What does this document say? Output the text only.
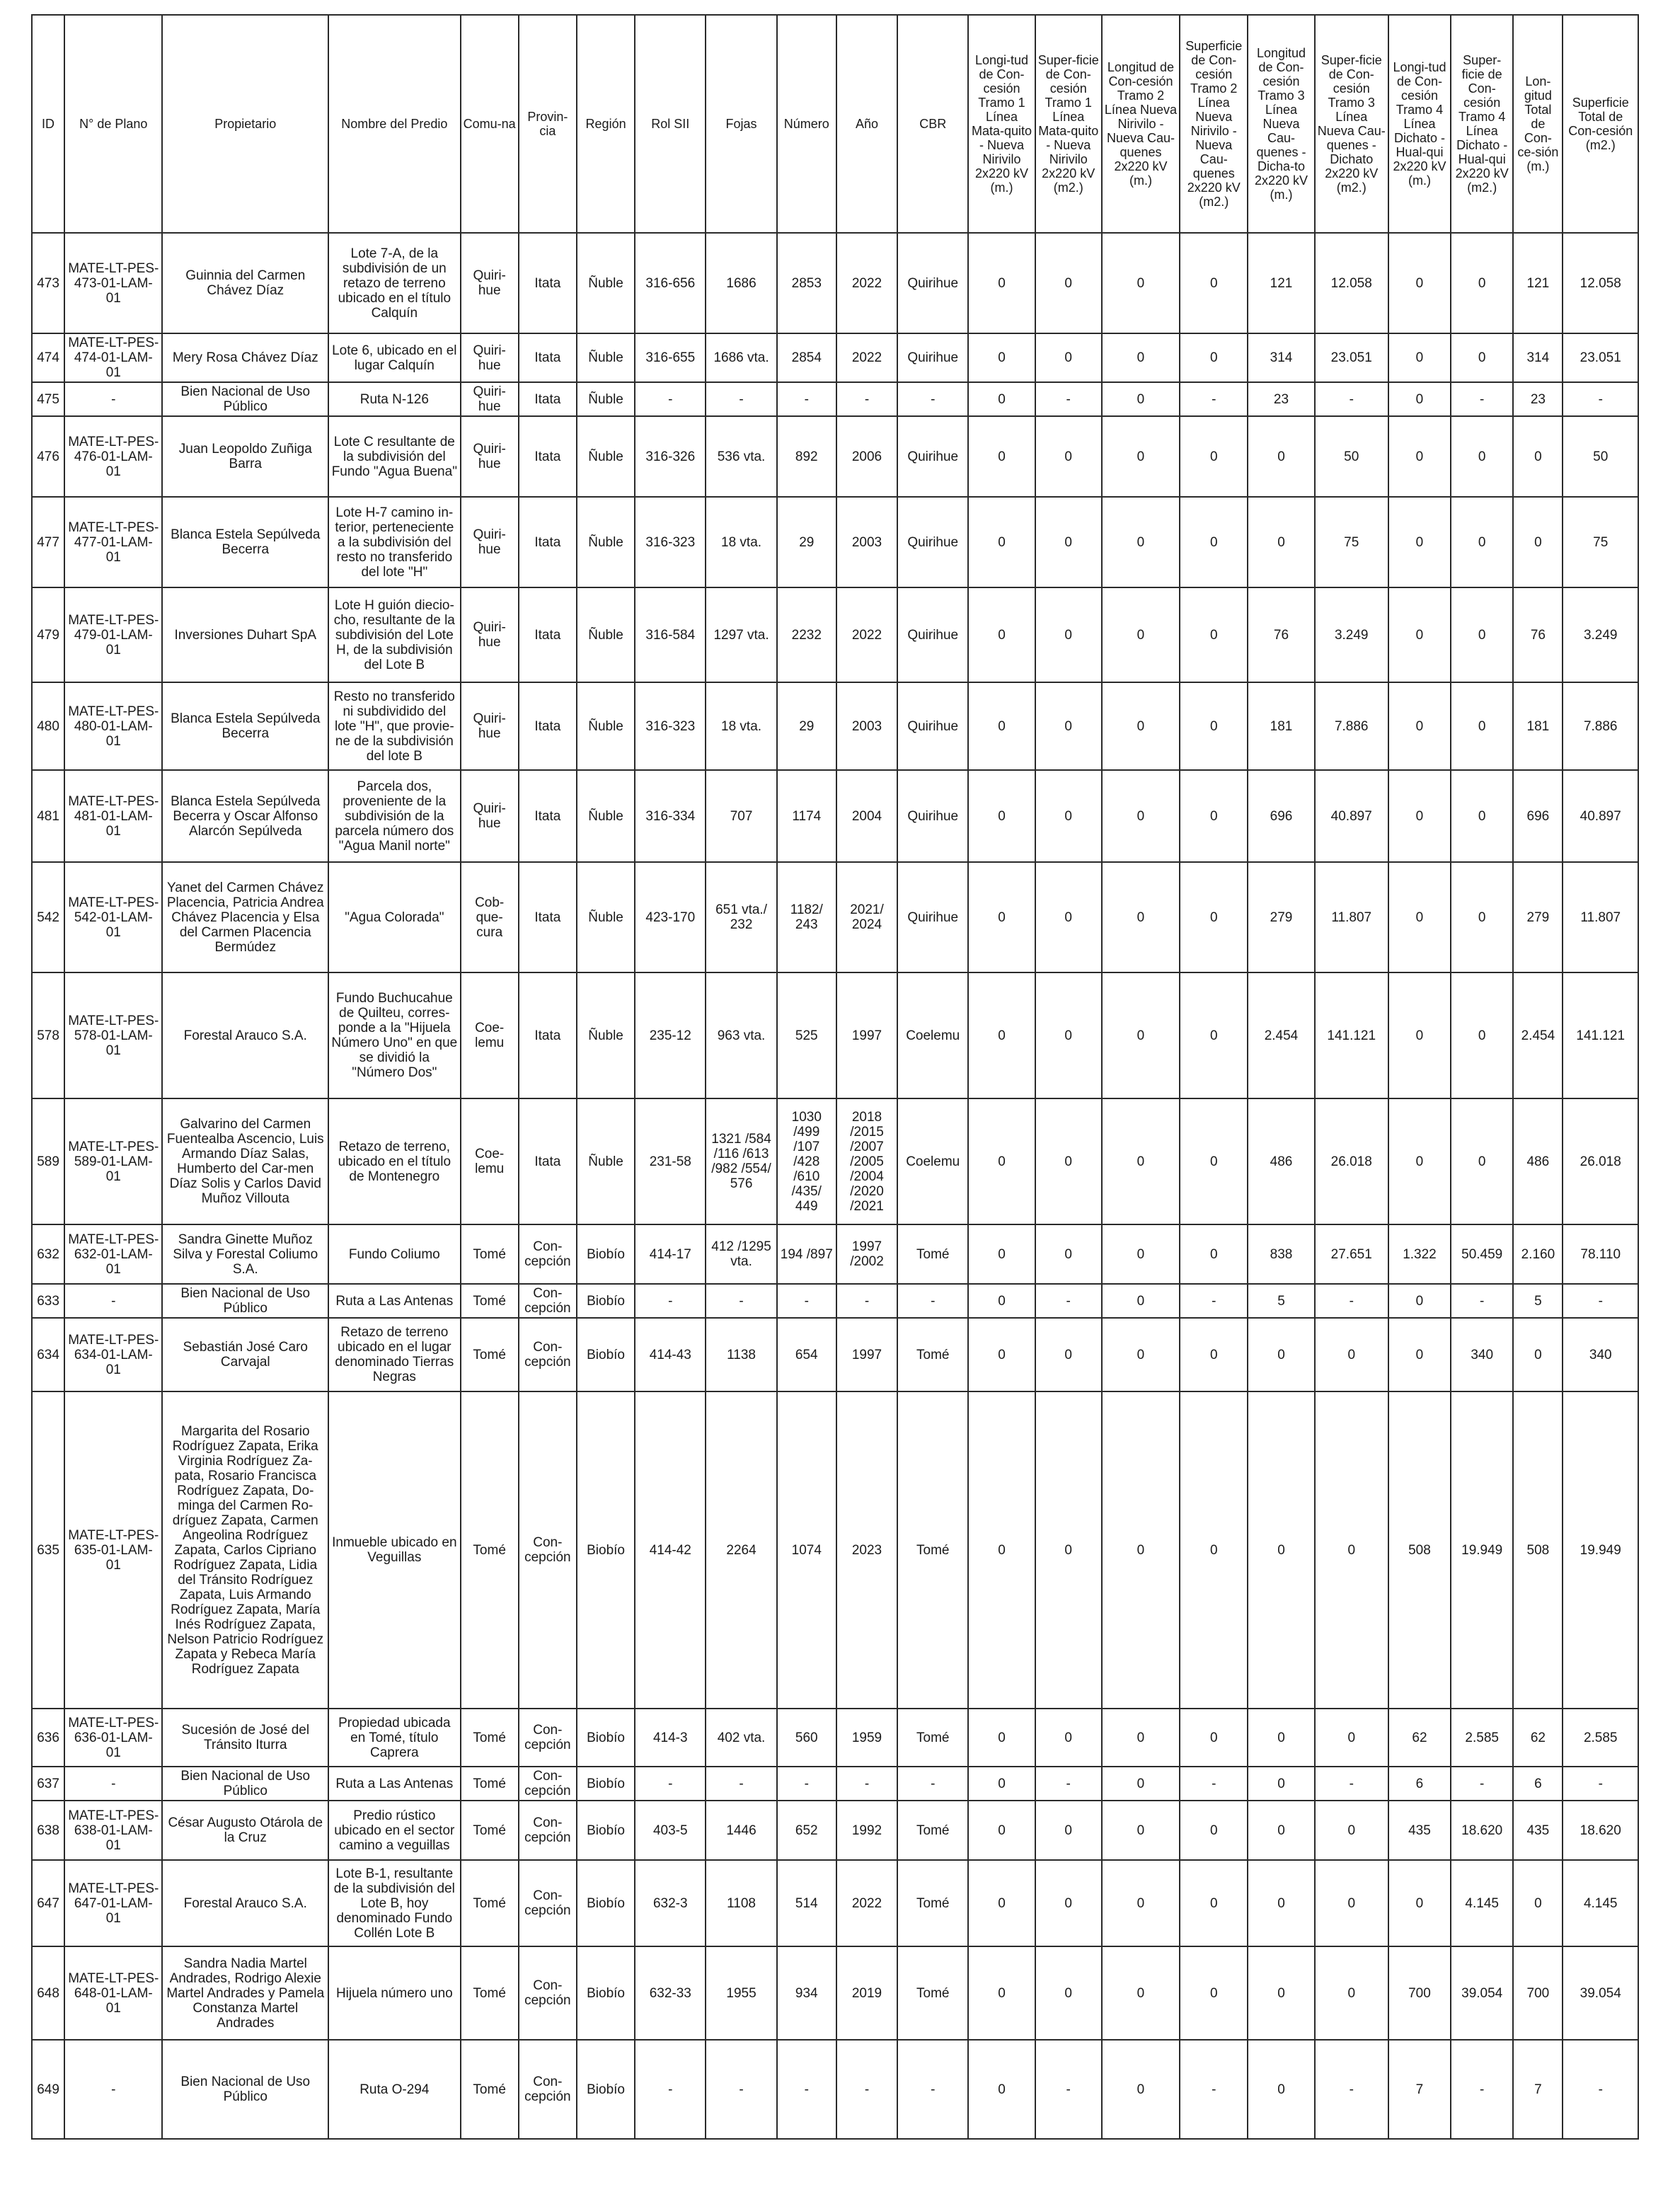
ID	N° de Plano	Propietario	Nombre del Predio	Comu-na	Provin-cia	Región	Rol SII	Fojas	Número	Año	CBR	Longi-tud de Con-cesión Tramo 1 Línea Mata-quito - Nueva Nirivilo 2x220 kV (m.)	Super-ficie de Con-cesión Tramo 1 Línea Mata-quito - Nueva Nirivilo 2x220 kV (m2.)	Longitud de Con-cesión Tramo 2 Línea Nueva Nirivilo - Nueva Cau-quenes 2x220 kV (m.)	Superficie de Con-cesión Tramo 2 Línea Nueva Nirivilo - Nueva Cau-quenes 2x220 kV (m2.)	Longitud de Con-cesión Tramo 3 Línea Nueva Cau-quenes - Dicha-to 2x220 kV (m.)	Super-ficie de Con-cesión Tramo 3 Línea Nueva Cau-quenes - Dichato 2x220 kV (m2.)	Longi-tud de Con-cesión Tramo 4 Línea Dichato - Hual-qui 2x220 kV (m.)	Super-ficie de Con-cesión Tramo 4 Línea Dichato - Hual-qui 2x220 kV (m2.)	Lon-gitud Total de Con-ce-sión (m.)	Superficie Total de Con-cesión (m2.)
473	MATE-LT-PES-473-01-LAM-01	Guinnia del Carmen Chávez Díaz	Lote 7-A, de la subdivisión de un retazo de terreno ubicado en el título Calquín	Quiri-hue	Itata	Ñuble	316-656	1686	2853	2022	Quirihue	0	0	0	0	121	12.058	0	0	121	12.058
474	MATE-LT-PES-474-01-LAM-01	Mery Rosa Chávez Díaz	Lote 6, ubicado en el lugar Calquín	Quiri-hue	Itata	Ñuble	316-655	1686 vta.	2854	2022	Quirihue	0	0	0	0	314	23.051	0	0	314	23.051
475	-	Bien Nacional de Uso Público	Ruta N-126	Quiri-hue	Itata	Ñuble	-	-	-	-	-	0	-	0	-	23	-	0	-	23	-
476	MATE-LT-PES-476-01-LAM-01	Juan Leopoldo Zuñiga Barra	Lote C resultante de la subdivisión del Fundo "Agua Buena"	Quiri-hue	Itata	Ñuble	316-326	536 vta.	892	2006	Quirihue	0	0	0	0	0	50	0	0	0	50
477	MATE-LT-PES-477-01-LAM-01	Blanca Estela Sepúlveda Becerra	Lote H-7 camino in-terior, perteneciente a la subdivisión del resto no transferido del lote "H"	Quiri-hue	Itata	Ñuble	316-323	18 vta.	29	2003	Quirihue	0	0	0	0	0	75	0	0	0	75
479	MATE-LT-PES-479-01-LAM-01	Inversiones Duhart SpA	Lote H guión diecio-cho, resultante de la subdivisión del Lote H, de la subdivisión del Lote B	Quiri-hue	Itata	Ñuble	316-584	1297 vta.	2232	2022	Quirihue	0	0	0	0	76	3.249	0	0	76	3.249
480	MATE-LT-PES-480-01-LAM-01	Blanca Estela Sepúlveda Becerra	Resto no transferido ni subdividido del lote "H", que provie-ne de la subdivisión del lote B	Quiri-hue	Itata	Ñuble	316-323	18 vta.	29	2003	Quirihue	0	0	0	0	181	7.886	0	0	181	7.886
481	MATE-LT-PES-481-01-LAM-01	Blanca Estela Sepúlveda Becerra y Oscar Alfonso Alarcón Sepúlveda	Parcela dos, proveniente de la subdivisión de la parcela número dos "Agua Manil norte"	Quiri-hue	Itata	Ñuble	316-334	707	1174	2004	Quirihue	0	0	0	0	696	40.897	0	0	696	40.897
542	MATE-LT-PES-542-01-LAM-01	Yanet del Carmen Chávez Placencia, Patricia Andrea Chávez Placencia y Elsa del Carmen Placencia Bermúdez	"Agua Colorada"	Cob-que-cura	Itata	Ñuble	423-170	651 vta./ 232	1182/ 243	2021/ 2024	Quirihue	0	0	0	0	279	11.807	0	0	279	11.807
578	MATE-LT-PES-578-01-LAM-01	Forestal Arauco S.A.	Fundo Buchucahue de Quilteu, corres-ponde a la "Hijuela Número Uno" en que se dividió la "Número Dos"	Coe-lemu	Itata	Ñuble	235-12	963 vta.	525	1997	Coelemu	0	0	0	0	2.454	141.121	0	0	2.454	141.121
589	MATE-LT-PES-589-01-LAM-01	Galvarino del Carmen Fuentealba Ascencio, Luis Armando Díaz Salas, Humberto del Car-men Díaz Solis y Carlos David Muñoz Villouta	Retazo de terreno, ubicado en el título de Montenegro	Coe-lemu	Itata	Ñuble	231-58	1321 /584 /116 /613 /982 /554/ 576	1030 /499 /107 /428 /610 /435/ 449	2018 /2015 /2007 /2005 /2004 /2020 /2021	Coelemu	0	0	0	0	486	26.018	0	0	486	26.018
632	MATE-LT-PES-632-01-LAM-01	Sandra Ginette Muñoz Silva y Forestal Coliumo S.A.	Fundo Coliumo	Tomé	Con-cepción	Biobío	414-17	412 /1295 vta.	194 /897	1997 /2002	Tomé	0	0	0	0	838	27.651	1.322	50.459	2.160	78.110
633	-	Bien Nacional de Uso Público	Ruta a Las Antenas	Tomé	Con-cepción	Biobío	-	-	-	-	-	0	-	0	-	5	-	0	-	5	-
634	MATE-LT-PES-634-01-LAM-01	Sebastián José Caro Carvajal	Retazo de terreno ubicado en el lugar denominado Tierras Negras	Tomé	Con-cepción	Biobío	414-43	1138	654	1997	Tomé	0	0	0	0	0	0	0	340	0	340
635	MATE-LT-PES-635-01-LAM-01	Margarita del Rosario Rodríguez Zapata, Erika Virginia Rodríguez Za-pata, Rosario Francisca Rodríguez Zapata, Do-minga del Carmen Ro-dríguez Zapata, Carmen Angeolina Rodríguez Zapata, Carlos Cipriano Rodríguez Zapata, Lidia del Tránsito Rodríguez Zapata, Luis Armando Rodríguez Zapata, María Inés Rodríguez Zapata, Nelson Patricio Rodríguez Zapata y Rebeca María Rodríguez Zapata	Inmueble ubicado en Veguillas	Tomé	Con-cepción	Biobío	414-42	2264	1074	2023	Tomé	0	0	0	0	0	0	508	19.949	508	19.949
636	MATE-LT-PES-636-01-LAM-01	Sucesión de José del Tránsito Iturra	Propiedad ubicada en Tomé, título Caprera	Tomé	Con-cepción	Biobío	414-3	402 vta.	560	1959	Tomé	0	0	0	0	0	0	62	2.585	62	2.585
637	-	Bien Nacional de Uso Público	Ruta a Las Antenas	Tomé	Con-cepción	Biobío	-	-	-	-	-	0	-	0	-	0	-	6	-	6	-
638	MATE-LT-PES-638-01-LAM-01	César Augusto Otárola de la Cruz	Predio rústico ubicado en el sector camino a veguillas	Tomé	Con-cepción	Biobío	403-5	1446	652	1992	Tomé	0	0	0	0	0	0	435	18.620	435	18.620
647	MATE-LT-PES-647-01-LAM-01	Forestal Arauco S.A.	Lote B-1, resultante de la subdivisión del Lote B, hoy denominado Fundo Collén Lote B	Tomé	Con-cepción	Biobío	632-3	1108	514	2022	Tomé	0	0	0	0	0	0	0	4.145	0	4.145
648	MATE-LT-PES-648-01-LAM-01	Sandra Nadia Martel Andrades, Rodrigo Alexie Martel Andrades y Pamela Constanza Martel Andrades	Hijuela número uno	Tomé	Con-cepción	Biobío	632-33	1955	934	2019	Tomé	0	0	0	0	0	0	700	39.054	700	39.054
649	-	Bien Nacional de Uso Público	Ruta O-294	Tomé	Con-cepción	Biobío	-	-	-	-	-	0	-	0	-	0	-	7	-	7	-
